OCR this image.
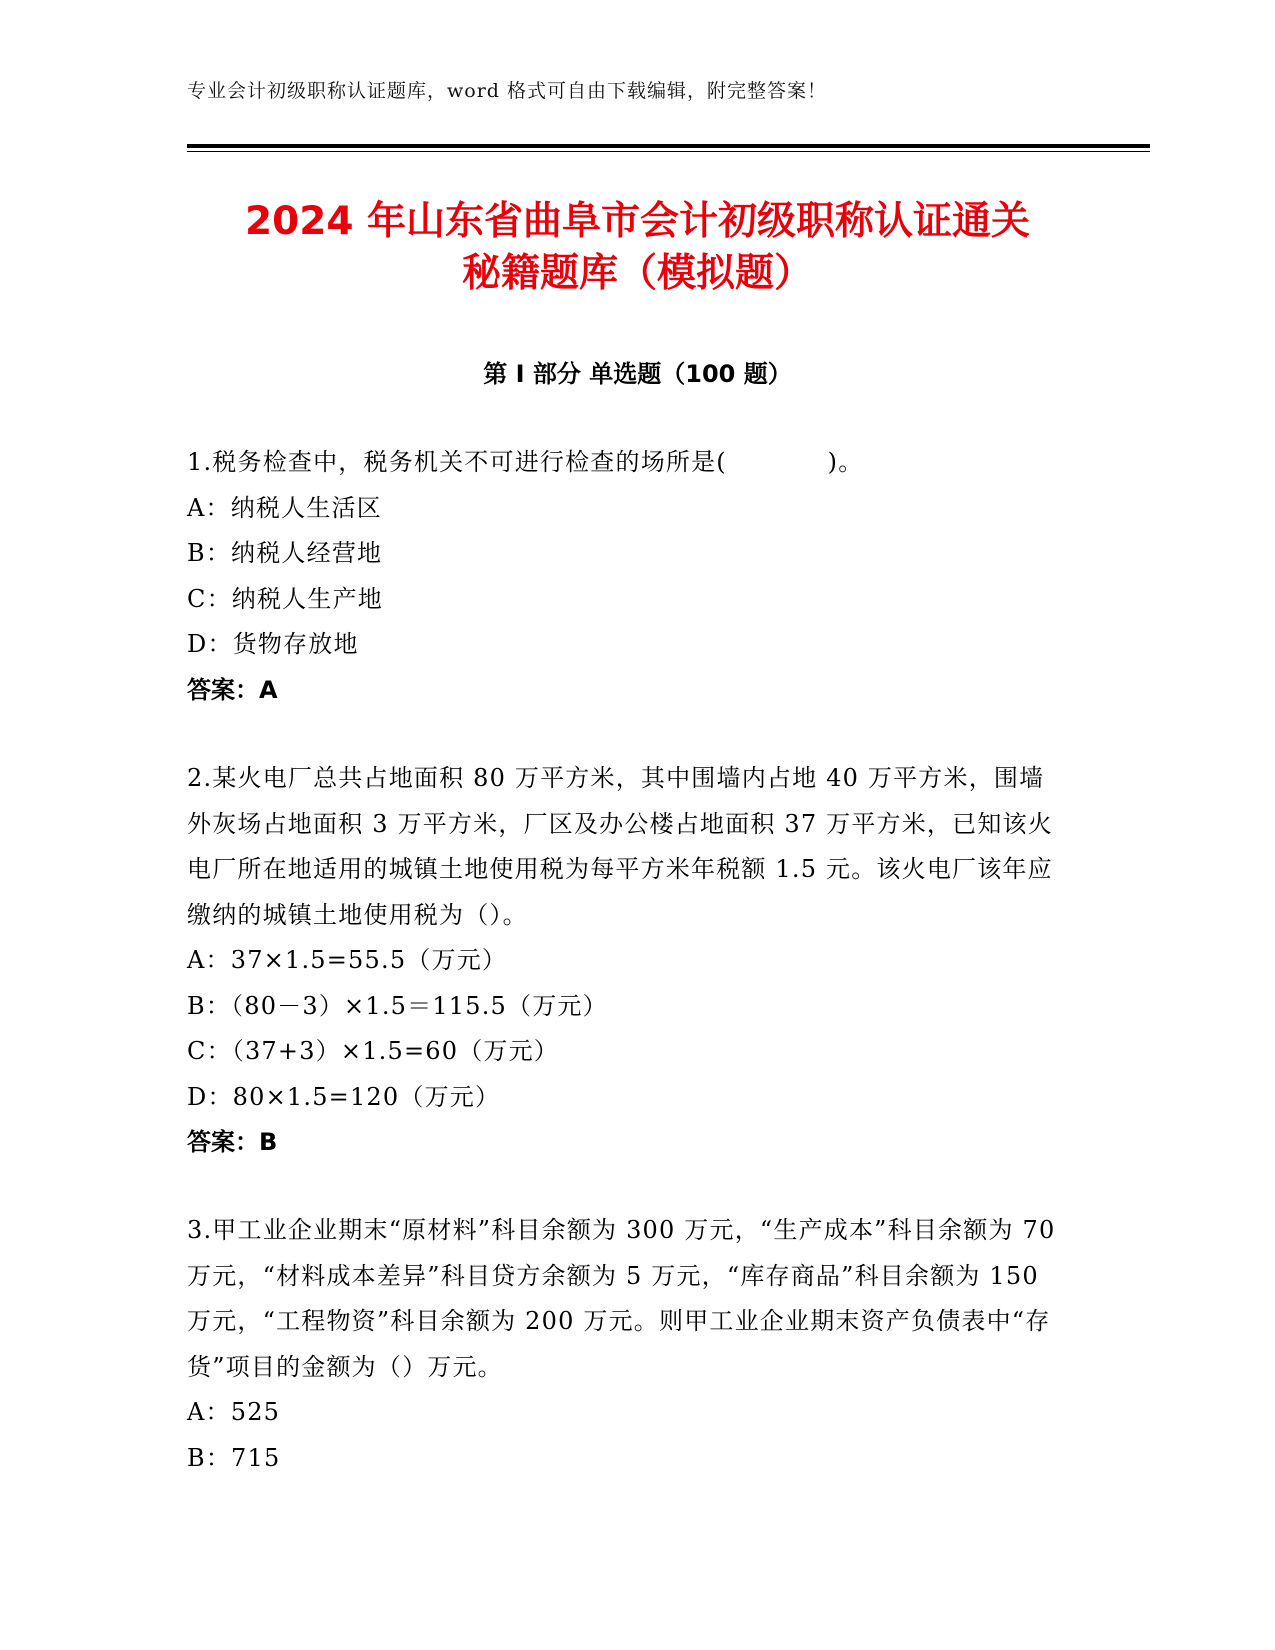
专业会计初级职称认证题库，word 格式可自由下载编辑，附完整答案！
2024 年山东省曲阜市会计初级职称认证通关
秘籍题库（模拟题）
第 I 部分 单选题（100 题）

1.税务检查中，税务机关不可进行检查的场所是(　　　　)。

A：纳税人生活区

B：纳税人经营地

C：纳税人生产地

D：货物存放地

答案：A

2.某火电厂总共占地面积 80 万平方米，其中围墙内占地 40 万平方米，围墙外灰场占地面积 3 万平方米，厂区及办公楼占地面积 37 万平方米，已知该火电厂所在地适用的城镇土地使用税为每平方米年税额 1.5 元。该火电厂该年应缴纳的城镇土地使用税为（）。

A：37×1.5=55.5（万元）

B：（80－3）×1.5＝115.5（万元）

C：（37+3）×1.5=60（万元）

D：80×1.5=120（万元）

答案：B

3.甲工业企业期末“原材料”科目余额为 300 万元，“生产成本”科目余额为 70 万元，“材料成本差异”科目贷方余额为 5 万元，“库存商品”科目余额为 150 万元，“工程物资”科目余额为 200 万元。则甲工业企业期末资产负债表中“存货”项目的金额为（）万元。

A：525

B：715
